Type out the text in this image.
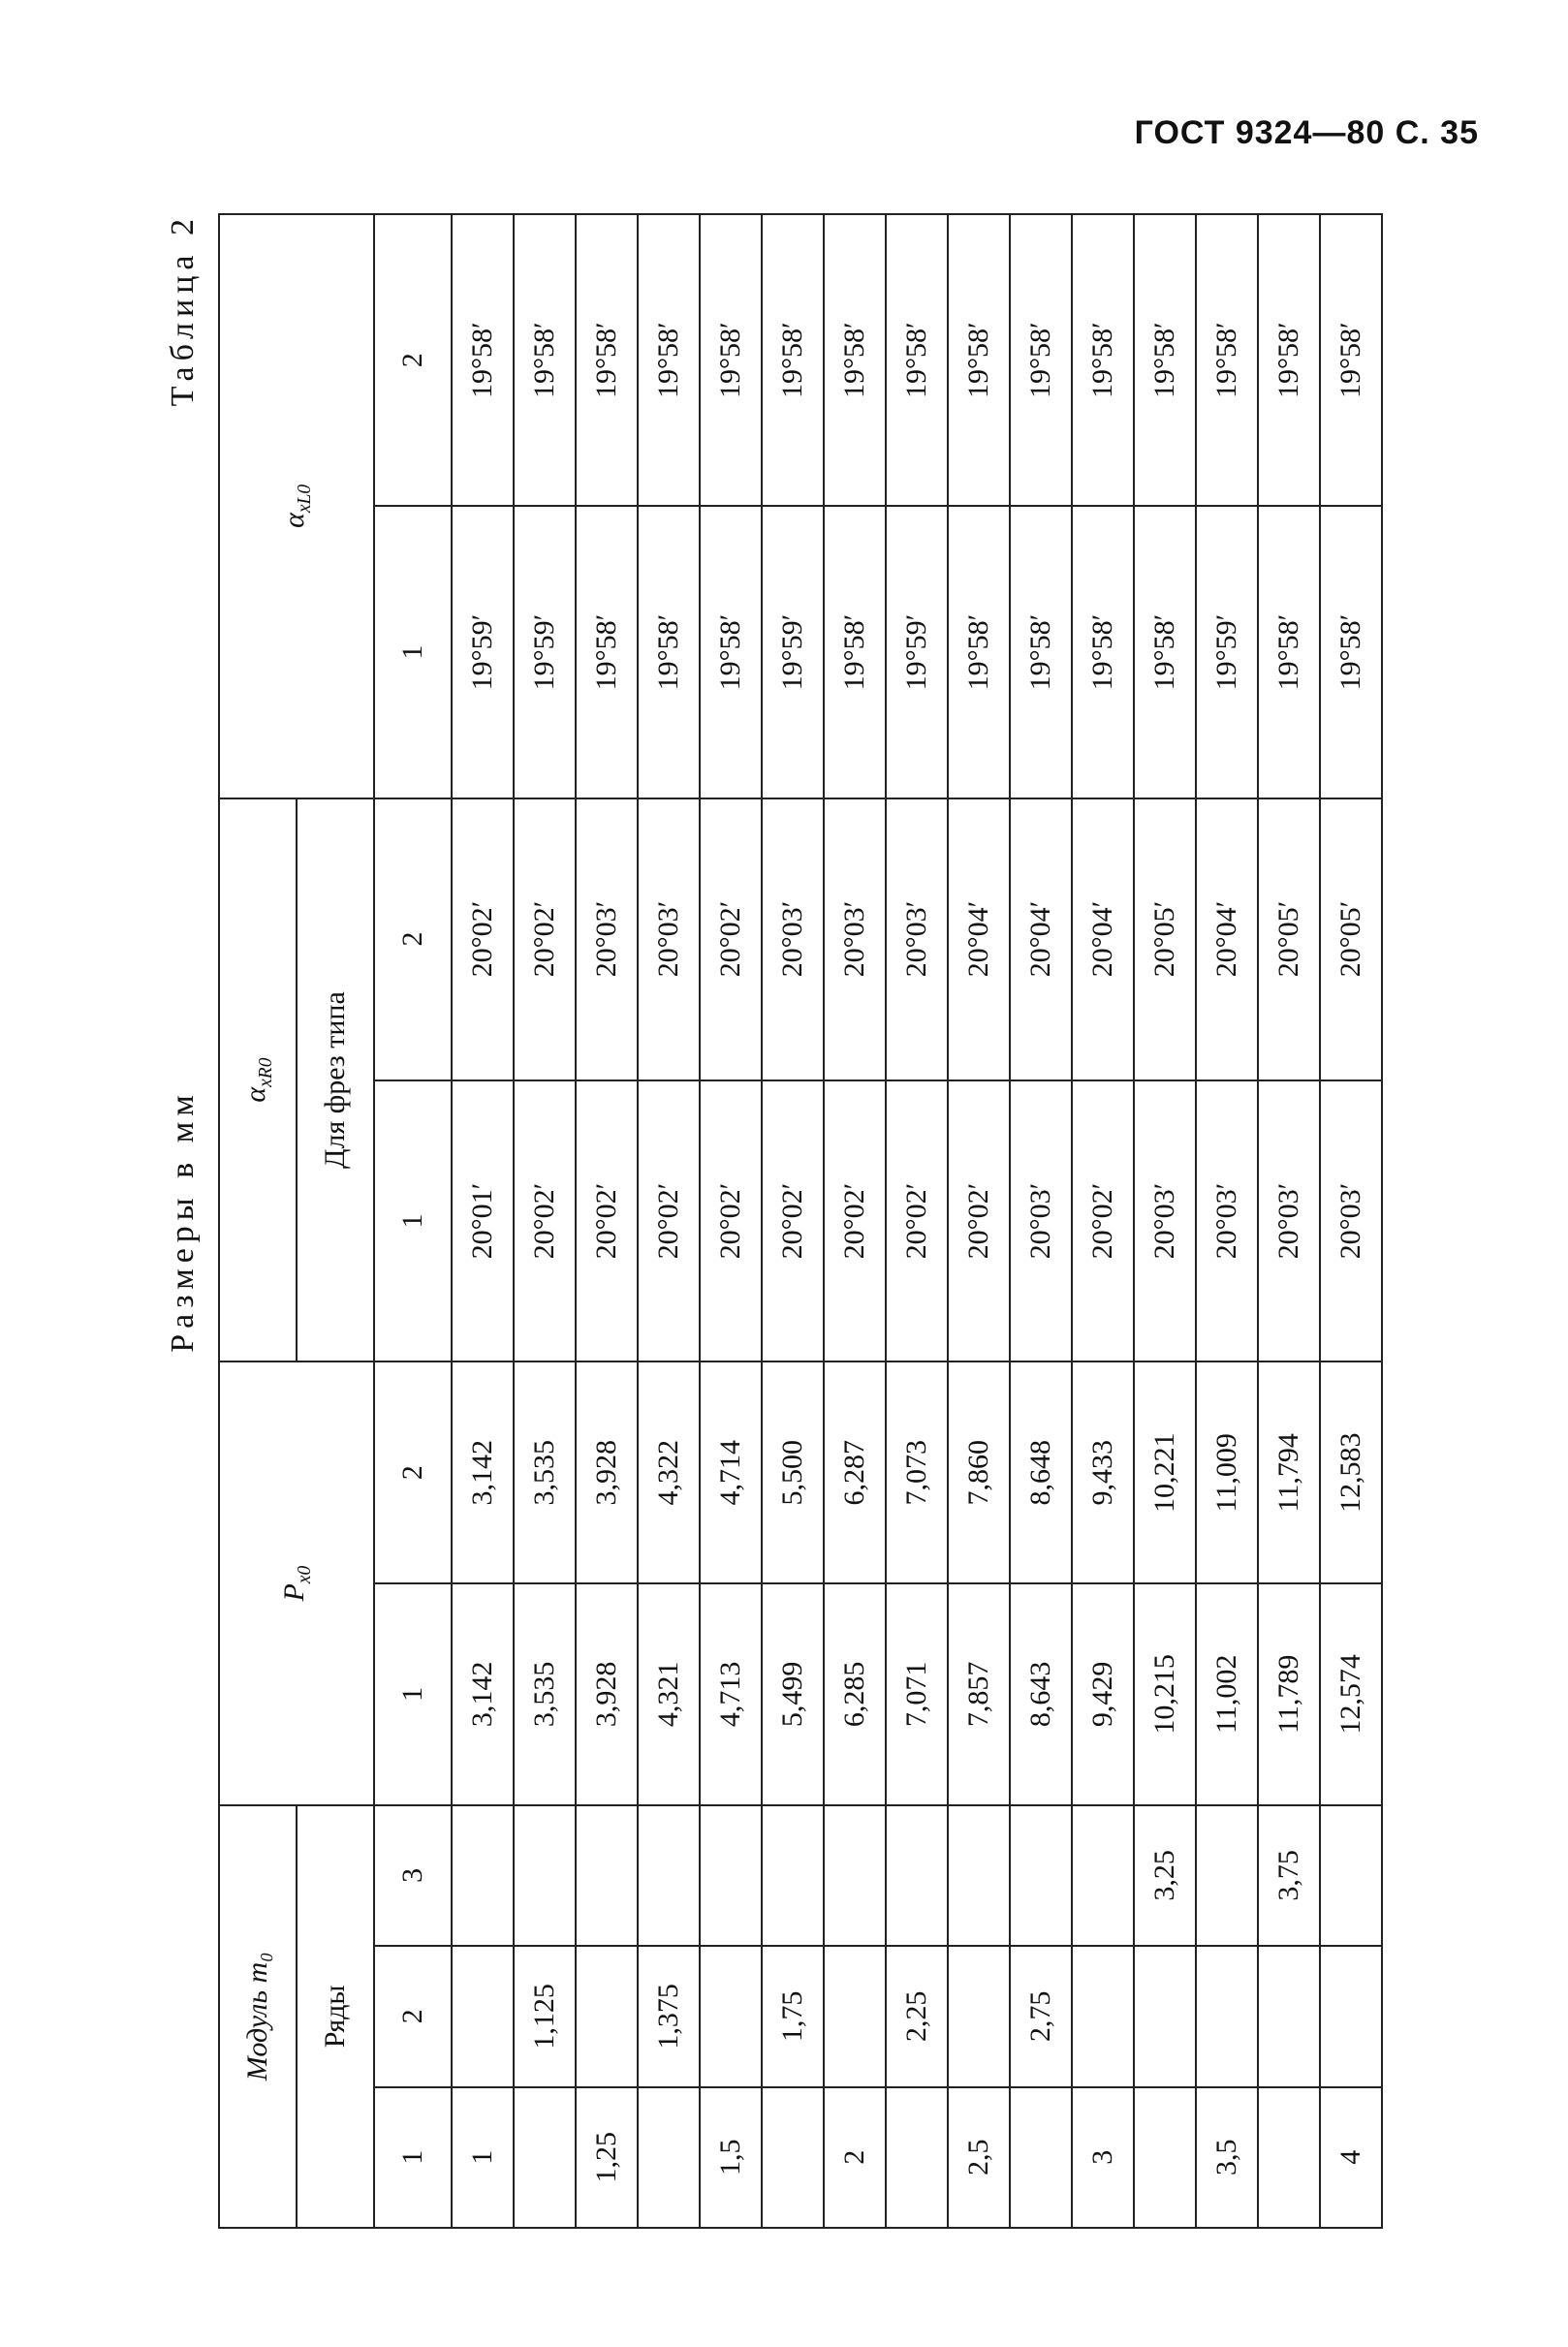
ГОСТ 9324—80 С. 35
Таблица 2
Размеры в мм
Модуль m₀			$P_{x0}$		$\alpha_{xR0}$		$\alpha_{xL0}$
Ряды					Для фрез типа			
1	2	3	1	2	1	2	1	2
1			3,142	3,142	20°01′	20°02′	19°59′	19°58′
	1,125		3,535	3,535	20°02′	20°02′	19°59′	19°58′
1,25			3,928	3,928	20°02′	20°03′	19°58′	19°58′
	1,375		4,321	4,322	20°02′	20°03′	19°58′	19°58′
1,5			4,713	4,714	20°02′	20°02′	19°58′	19°58′
	1,75		5,499	5,500	20°02′	20°03′	19°59′	19°58′
2			6,285	6,287	20°02′	20°03′	19°58′	19°58′
	2,25		7,071	7,073	20°02′	20°03′	19°59′	19°58′
2,5			7,857	7,860	20°02′	20°04′	19°58′	19°58′
	2,75		8,643	8,648	20°03′	20°04′	19°58′	19°58′
3			9,429	9,433	20°02′	20°04′	19°58′	19°58′
		3,25	10,215	10,221	20°03′	20°05′	19°58′	19°58′
3,5			11,002	11,009	20°03′	20°04′	19°59′	19°58′
		3,75	11,789	11,794	20°03′	20°05′	19°58′	19°58′
4			12,574	12,583	20°03′	20°05′	19°58′	19°58′
